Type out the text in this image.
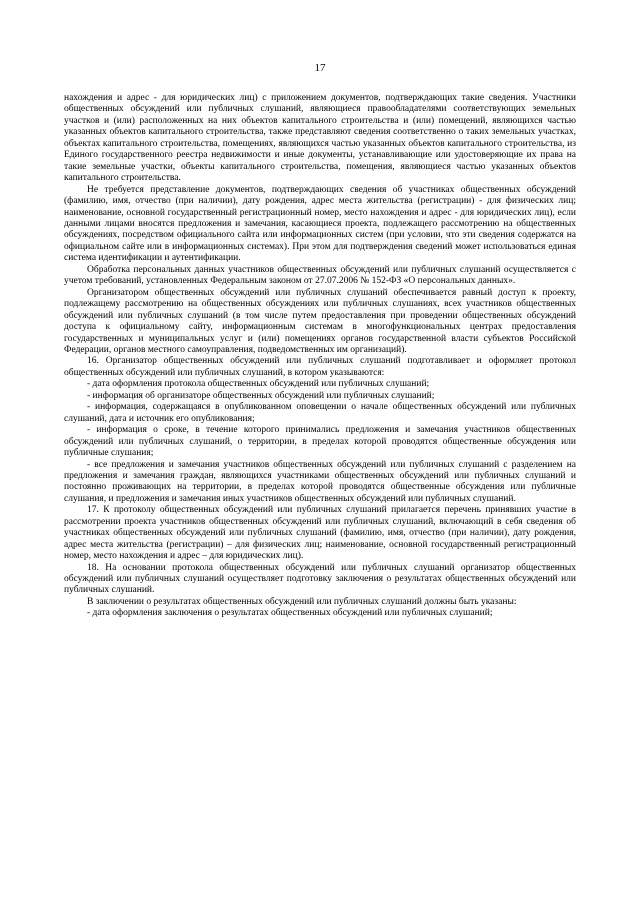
17

нахождения и адрес - для юридических лиц) с приложением документов, подтверждающих такие сведения. Участники общественных обсуждений или публичных слушаний, являющиеся правообладателями соответствующих земельных участков и (или) расположенных на них объектов капитального строительства и (или) помещений, являющихся частью указанных объектов капитального строительства, также представляют сведения соответственно о таких земельных участках, объектах капитального строительства, помещениях, являющихся частью указанных объектов капитального строительства, из Единого государственного реестра недвижимости и иные документы, устанавливающие или удостоверяющие их права на такие земельные участки, объекты капитального строительства, помещения, являющиеся частью указанных объектов капитального строительства.

Не требуется представление документов, подтверждающих сведения об участниках общественных обсуждений (фамилию, имя, отчество (при наличии), дату рождения, адрес места жительства (регистрации) - для физических лиц; наименование, основной государственный регистрационный номер, место нахождения и адрес - для юридических лиц), если данными лицами вносятся предложения и замечания, касающиеся проекта, подлежащего рассмотрению на общественных обсуждениях, посредством официального сайта или информационных систем (при условии, что эти сведения содержатся на официальном сайте или в информационных системах). При этом для подтверждения сведений может использоваться единая система идентификации и аутентификации.

Обработка персональных данных участников общественных обсуждений или публичных слушаний осуществляется с учетом требований, установленных Федеральным законом от 27.07.2006 № 152-ФЗ «О персональных данных».

Организатором общественных обсуждений или публичных слушаний обеспечивается равный доступ к проекту, подлежащему рассмотрению на общественных обсуждениях или публичных слушаниях, всех участников общественных обсуждений или публичных слушаний (в том числе путем предоставления при проведении общественных обсуждений доступа к официальному сайту, информационным системам в многофункциональных центрах предоставления государственных и муниципальных услуг и (или) помещениях органов государственной власти субъектов Российской Федерации, органов местного самоуправления, подведомственных им организаций).

16. Организатор общественных обсуждений или публичных слушаний подготавливает и оформляет протокол общественных обсуждений или публичных слушаний, в котором указываются:

- дата оформления протокола общественных обсуждений или публичных слушаний;

- информация об организаторе общественных обсуждений или публичных слушаний;

- информация, содержащаяся в опубликованном оповещении о начале общественных обсуждений или публичных слушаний, дата и источник его опубликования;

- информация о сроке, в течение которого принимались предложения и замечания участников общественных обсуждений или публичных слушаний, о территории, в пределах которой проводятся общественные обсуждения или публичные слушания;

- все предложения и замечания участников общественных обсуждений или публичных слушаний с разделением на предложения и замечания граждан, являющихся участниками общественных обсуждений или публичных слушаний и постоянно проживающих на территории, в пределах которой проводятся общественные обсуждения или публичные слушания, и предложения и замечания иных участников общественных обсуждений или публичных слушаний.

17. К протоколу общественных обсуждений или публичных слушаний прилагается перечень принявших участие в рассмотрении проекта участников общественных обсуждений или публичных слушаний, включающий в себя сведения об участниках общественных обсуждений или публичных слушаний (фамилию, имя, отчество (при наличии), дату рождения, адрес места жительства (регистрации) – для физических лиц; наименование, основной государственный регистрационный номер, место нахождения и адрес – для юридических лиц).

18. На основании протокола общественных обсуждений или публичных слушаний организатор общественных обсуждений или публичных слушаний осуществляет подготовку заключения о результатах общественных обсуждений или публичных слушаний.

В заключении о результатах общественных обсуждений или публичных слушаний должны быть указаны:

- дата оформления заключения о результатах общественных обсуждений или публичных слушаний;
